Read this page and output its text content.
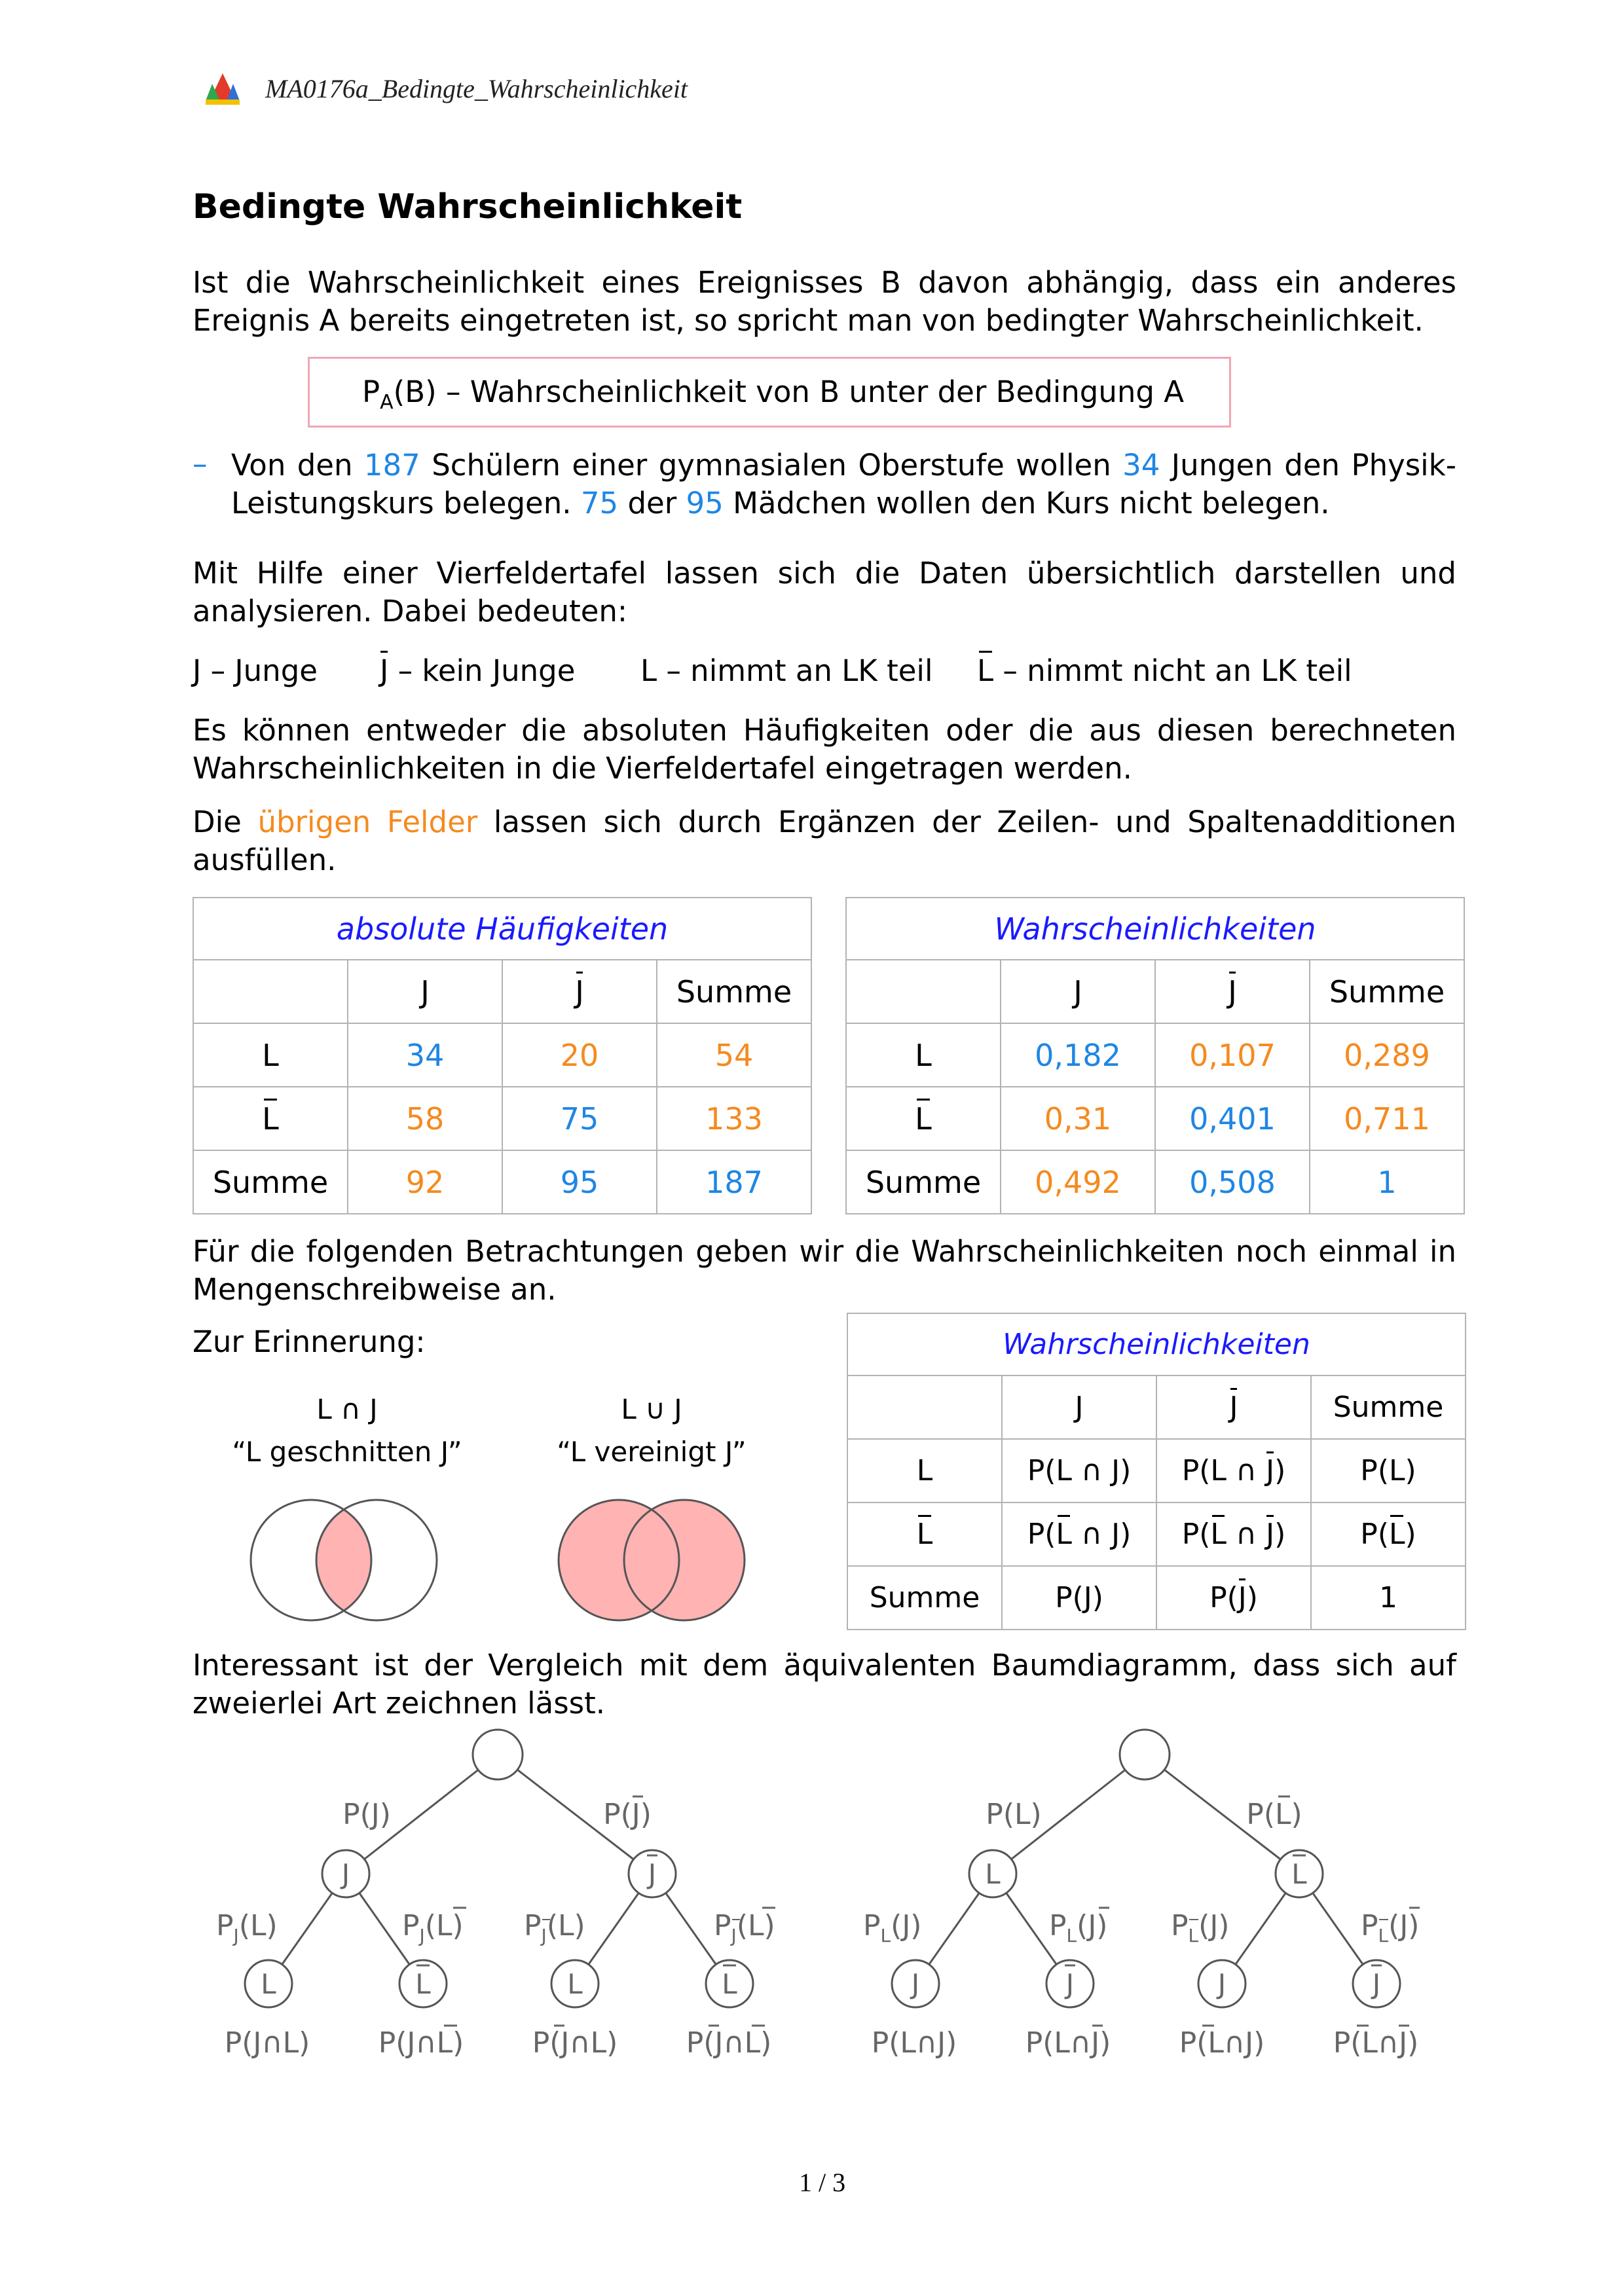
MA0176a_Bedingte_Wahrscheinlichkeit
Bedingte Wahrscheinlichkeit
Ist die Wahrscheinlichkeit eines Ereignisses B davon abhängig, dass ein anderes Ereignis A bereits eingetreten ist, so spricht man von bedingter Wahrscheinlichkeit.
$P_A(B)$ – Wahrscheinlichkeit von B unter der Bedingung A
– Von den 187 Schülern einer gymnasialen Oberstufe wollen 34 Jungen den Physik-Leistungskurs belegen. 75 der 95 Mädchen wollen den Kurs nicht belegen.
Mit Hilfe einer Vierfeldertafel lassen sich die Daten übersichtlich darstellen und analysieren. Dabei bedeuten:
J – Junge J – kein Junge L – nimmt an LK teil L – nimmt nicht an LK teil
Es können entweder die absoluten Häufigkeiten oder die aus diesen berechneten Wahrscheinlichkeiten in die Vierfeldertafel eingetragen werden.
Die übrigen Felder lassen sich durch Ergänzen der Zeilen- und Spaltenadditionen ausfüllen.
absolute Häufigkeiten			
	J	J	Summe
L	34	20	54
L	58	75	133
Summe	92	95	187
Wahrscheinlichkeiten			
	J	J	Summe
L	0,182	0,107	0,289
L	0,31	0,401	0,711
Summe	0,492	0,508	1
Für die folgenden Betrachtungen geben wir die Wahrscheinlichkeiten noch einmal in Mengenschreibweise an.
Zur Erinnerung:
L ∩ J
“L geschnitten J”
L ∪ J
“L vereinigt J”
Wahrscheinlichkeiten			
	J	J	Summe
L	P(L ∩ J)	P(L ∩ J)	P(L)
L	P(L ∩ J)	P(L ∩ J)	P(L)
Summe	P(J)	P(J)	1
Interessant ist der Vergleich mit dem äquivalenten Baumdiagramm, dass sich auf zweierlei Art zeichnen lässt.
P(J)	P(J)
J	J
$P_J(L)$	$P_J(L)$ $P_J(L)$	$P_J(L)$
L	L	L	L
P(J∩L) P(J∩L) P(J∩L) P(J∩L)
P(L)	P(L)
L	L
$P_L(J)$	$P_L(J)$ $P_L(J)$	$P_L(J)$
J	J	J	J
P(L∩J) P(L∩J) P(L∩J) P(L∩J)
1 / 3
